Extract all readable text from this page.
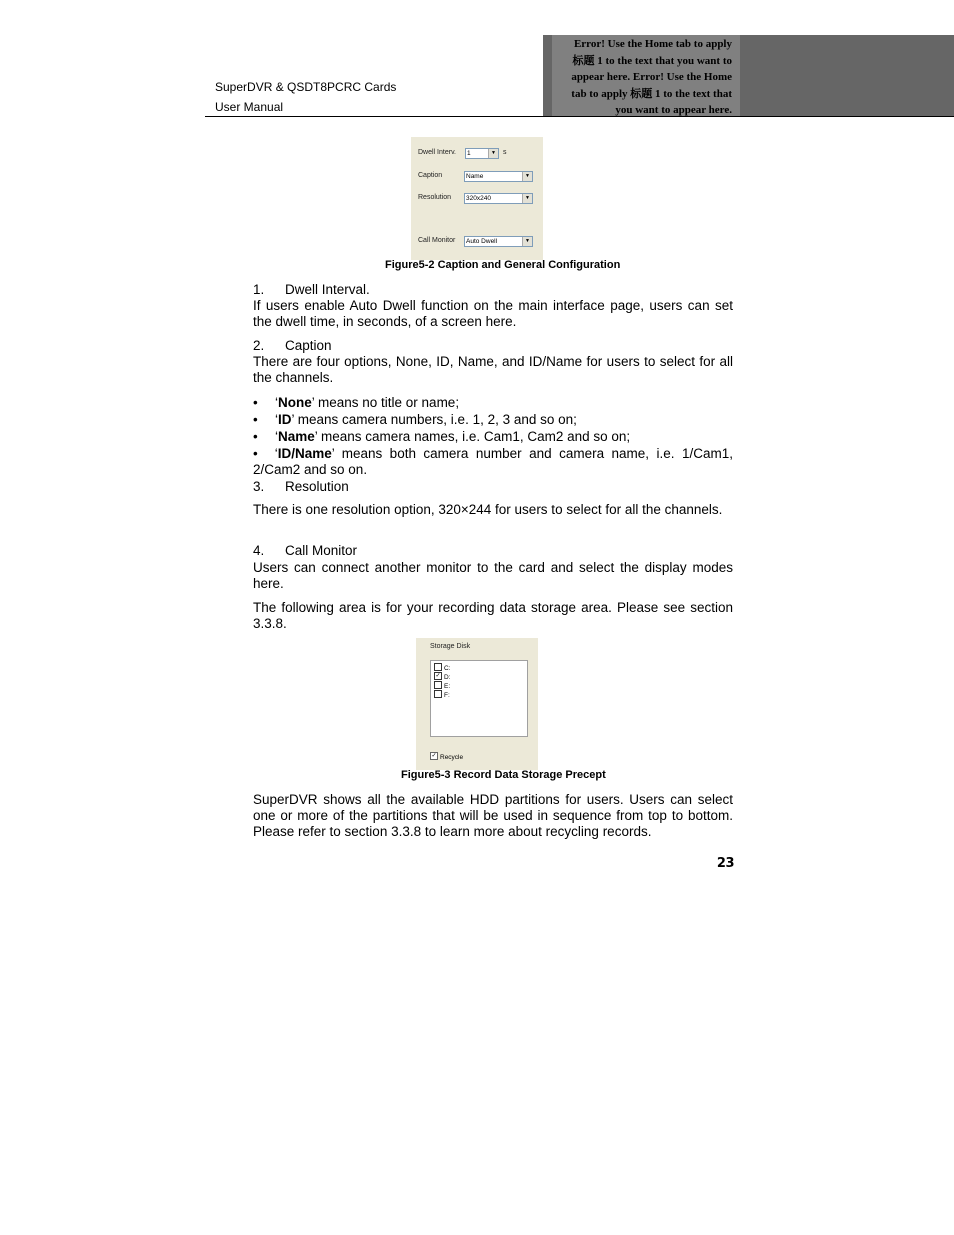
Error! Use the Home tab to apply
标题 1 to the text that you want to
appear here. Error! Use the Home
tab to apply 标题 1 to the text that
you want to appear here.
SuperDVR & QSDT8PCRC Cards
User Manual
Dwell Interv.	1	▼ s
Caption	Name	▼
Resolution	320x240	▼
Call Monitor	Auto Dwell	▼
Figure5-2 Caption and General Configuration
1. Dwell Interval.
If users enable Auto Dwell function on the main interface page, users can set the dwell time, in seconds, of a screen here.
2. Caption
There are four options, None, ID, Name, and ID/Name for users to select for all the channels.
•	‘None’ means no title or name;
•	‘ID’ means camera numbers, i.e. 1, 2, 3 and so on;
•	‘Name’ means camera names, i.e. Cam1, Cam2 and so on;
• ‘ID/Name’ means both camera number and camera name, i.e. 1/Cam1, 2/Cam2 and so on.
3. Resolution
There is one resolution option, 320×244 for users to select for all the channels.
4. Call Monitor
Users can connect another monitor to the card and select the display modes here.
The following area is for your recording data storage area. Please see section 3.3.8.
Storage Disk
C:
✓ D:
E:
F:
✓ Recycle
Figure5-3 Record Data Storage Precept
SuperDVR shows all the available HDD partitions for users. Users can select one or more of the partitions that will be used in sequence from top to bottom. Please refer to section 3.3.8 to learn more about recycling records.
23
